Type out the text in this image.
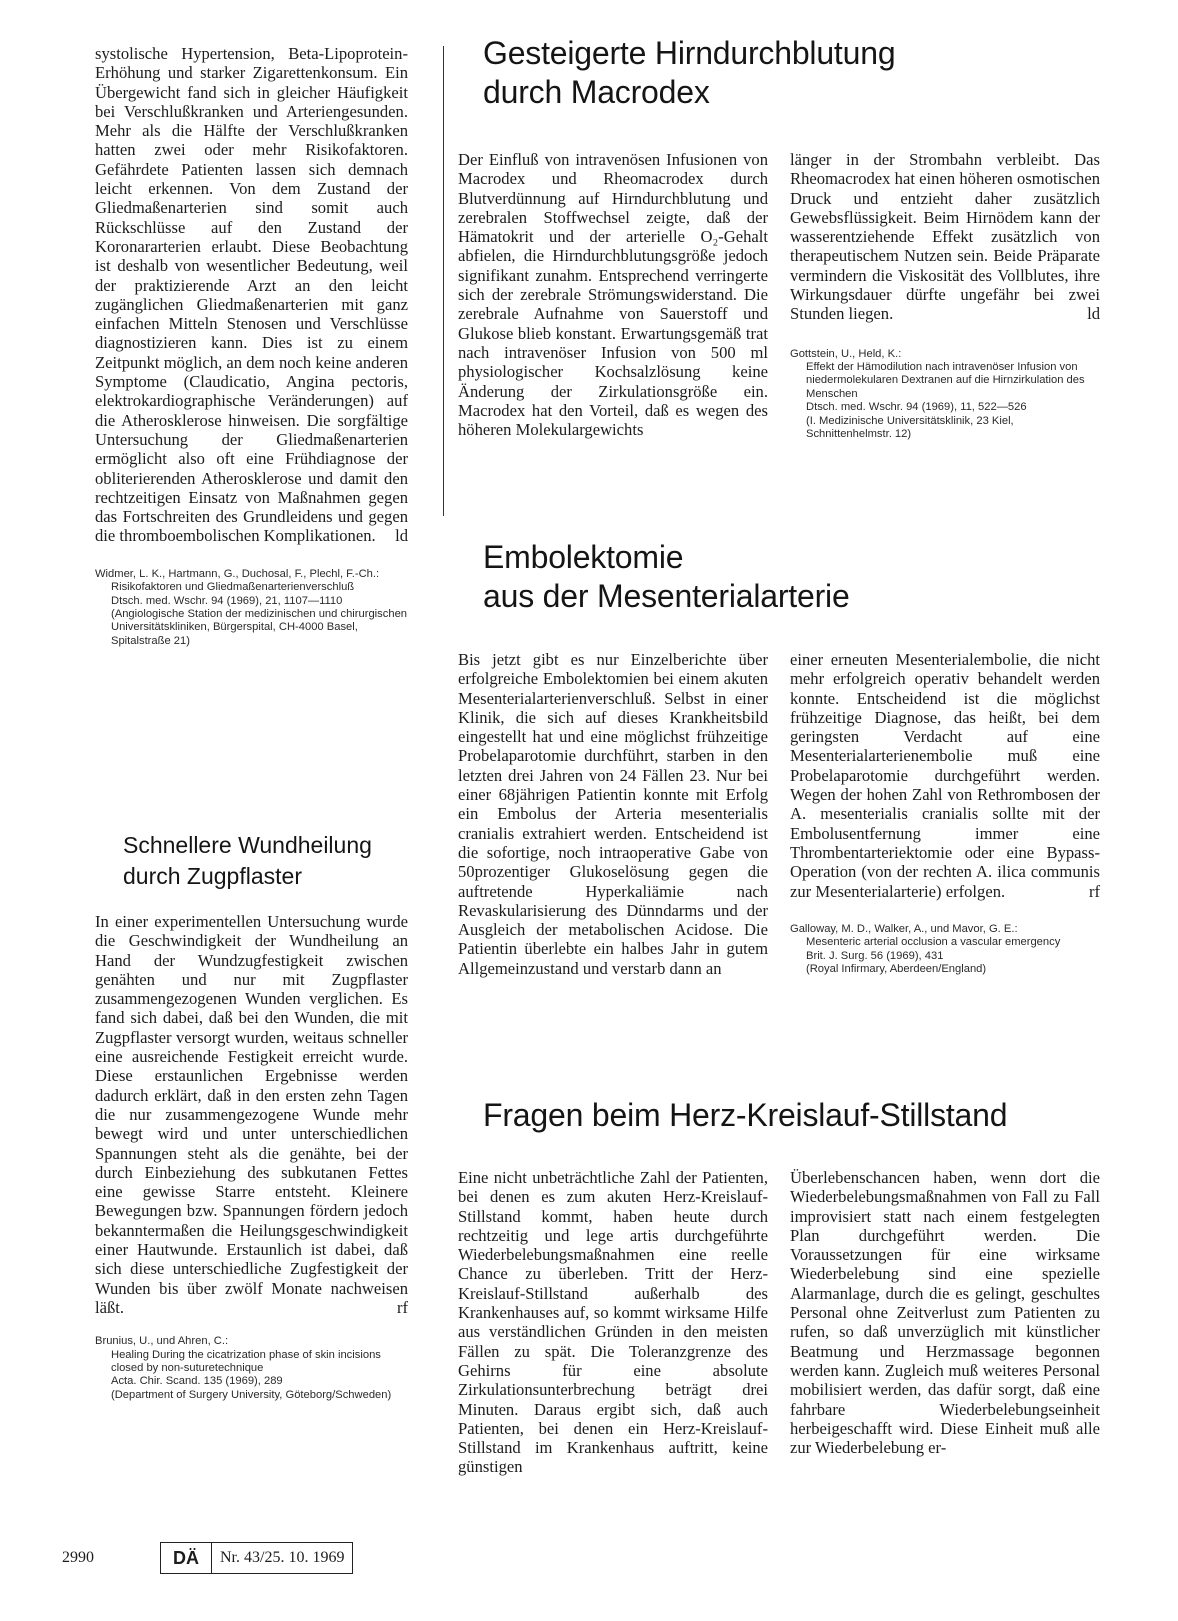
systolische Hypertension, Beta-Lipoprotein-Erhöhung und starker Zigarettenkonsum. Ein Übergewicht fand sich in gleicher Häufigkeit bei Verschlußkranken und Arteriengesunden. Mehr als die Hälfte der Verschlußkranken hatten zwei oder mehr Risikofaktoren. Gefährdete Patienten lassen sich demnach leicht erkennen. Von dem Zustand der Gliedmaßenarterien sind somit auch Rückschlüsse auf den Zustand der Koronararterien erlaubt. Diese Beobachtung ist deshalb von wesentlicher Bedeutung, weil der praktizierende Arzt an den leicht zugänglichen Gliedmaßenarterien mit ganz einfachen Mitteln Stenosen und Verschlüsse diagnostizieren kann. Dies ist zu einem Zeitpunkt möglich, an dem noch keine anderen Symptome (Claudicatio, Angina pectoris, elektrokardiographische Veränderungen) auf die Atherosklerose hinweisen. Die sorgfältige Untersuchung der Gliedmaßenarterien ermöglicht also oft eine Frühdiagnose der obliterierenden Atherosklerose und damit den rechtzeitigen Einsatz von Maßnahmen gegen das Fortschreiten des Grundleidens und gegen die thromboembolischen Komplikationen. ld

Widmer, L. K., Hartmann, G., Duchosal, F., Plechl, F.-Ch.:

Risikofaktoren und Gliedmaßenarterienverschluß

Dtsch. med. Wschr. 94 (1969), 21, 1107—1110

(Angiologische Station der medizinischen und chirurgischen Universitätskliniken, Bürgerspital, CH-4000 Basel, Spitalstraße 21)

Schnellere Wundheilung
durch Zugpflaster

In einer experimentellen Untersuchung wurde die Geschwindigkeit der Wundheilung an Hand der Wundzugfestigkeit zwischen genähten und nur mit Zugpflaster zusammengezogenen Wunden verglichen. Es fand sich dabei, daß bei den Wunden, die mit Zugpflaster versorgt wurden, weitaus schneller eine ausreichende Festigkeit erreicht wurde. Diese erstaunlichen Ergebnisse werden dadurch erklärt, daß in den ersten zehn Tagen die nur zusammengezogene Wunde mehr bewegt wird und unter unterschiedlichen Spannungen steht als die genähte, bei der durch Einbeziehung des subkutanen Fettes eine gewisse Starre entsteht. Kleinere Bewegungen bzw. Spannungen fördern jedoch bekanntermaßen die Heilungsgeschwindigkeit einer Hautwunde. Erstaunlich ist dabei, daß sich diese unterschiedliche Zugfestigkeit der Wunden bis über zwölf Monate nachweisen läßt.	rf

Brunius, U., und Ahren, C.:

Healing During the cicatrization phase of skin incisions closed by non-suturetechnique

Acta. Chir. Scand. 135 (1969), 289

(Department of Surgery University, Göteborg/Schweden)

Gesteigerte Hirndurchblutung
durch Macrodex

Der Einfluß von intravenösen Infusionen von Macrodex und Rheomacrodex durch Blutverdünnung auf Hirndurchblutung und zerebralen Stoffwechsel zeigte, daß der Hämatokrit und der arterielle O₂-Gehalt abfielen, die Hirndurchblutungsgröße jedoch signifikant zunahm. Entsprechend verringerte sich der zerebrale Strömungswiderstand. Die zerebrale Aufnahme von Sauerstoff und Glukose blieb konstant. Erwartungsgemäß trat nach intravenöser Infusion von 500 ml physiologischer Kochsalzlösung keine Änderung der Zirkulationsgröße ein. Macrodex hat den Vorteil, daß es wegen des höheren Molekulargewichts

länger in der Strombahn verbleibt. Das Rheomacrodex hat einen höheren osmotischen Druck und entzieht daher zusätzlich Gewebsflüssigkeit. Beim Hirnödem kann der wasserentziehende Effekt zusätzlich von therapeutischem Nutzen sein. Beide Präparate vermindern die Viskosität des Vollblutes, ihre Wirkungsdauer dürfte ungefähr bei zwei Stunden liegen.	ld

Gottstein, U., Held, K.:

Effekt der Hämodilution nach intravenöser Infusion von niedermolekularen Dextranen auf die Hirnzirkulation des Menschen

Dtsch. med. Wschr. 94 (1969), 11, 522—526

(I. Medizinische Universitätsklinik, 23 Kiel, Schnittenhelmstr. 12)

Embolektomie
aus der Mesenterialarterie

Bis jetzt gibt es nur Einzelberichte über erfolgreiche Embolektomien bei einem akuten Mesenterialarterienverschluß. Selbst in einer Klinik, die sich auf dieses Krankheitsbild eingestellt hat und eine möglichst frühzeitige Probelaparotomie durchführt, starben in den letzten drei Jahren von 24 Fällen 23. Nur bei einer 68jährigen Patientin konnte mit Erfolg ein Embolus der Arteria mesenterialis cranialis extrahiert werden. Entscheidend ist die sofortige, noch intraoperative Gabe von 50prozentiger Glukoselösung gegen die auftretende Hyperkaliämie nach Revaskularisierung des Dünndarms und der Ausgleich der metabolischen Acidose. Die Patientin überlebte ein halbes Jahr in gutem Allgemeinzustand und verstarb dann an

einer erneuten Mesenterialembolie, die nicht mehr erfolgreich operativ behandelt werden konnte. Entscheidend ist die möglichst frühzeitige Diagnose, das heißt, bei dem geringsten Verdacht auf eine Mesenterialarterienembolie muß eine Probelaparotomie durchgeführt werden. Wegen der hohen Zahl von Rethrombosen der A. mesenterialis cranialis sollte mit der Embolusentfernung immer eine Thrombentarteriektomie oder eine Bypass-Operation (von der rechten A. ilica communis zur Mesenterialarterie) erfolgen.	rf

Galloway, M. D., Walker, A., und Mavor, G. E.:

Mesenteric arterial occlusion a vascular emergency

Brit. J. Surg. 56 (1969), 431

(Royal Infirmary, Aberdeen/England)

Fragen beim Herz-Kreislauf-Stillstand

Eine nicht unbeträchtliche Zahl der Patienten, bei denen es zum akuten Herz-Kreislauf-Stillstand kommt, haben heute durch rechtzeitig und lege artis durchgeführte Wiederbelebungsmaßnahmen eine reelle Chance zu überleben. Tritt der Herz-Kreislauf-Stillstand außerhalb des Krankenhauses auf, so kommt wirksame Hilfe aus verständlichen Gründen in den meisten Fällen zu spät. Die Toleranzgrenze des Gehirns für eine absolute Zirkulationsunterbrechung beträgt drei Minuten. Daraus ergibt sich, daß auch Patienten, bei denen ein Herz-Kreislauf-Stillstand im Krankenhaus auftritt, keine günstigen

Überlebenschancen haben, wenn dort die Wiederbelebungsmaßnahmen von Fall zu Fall improvisiert statt nach einem festgelegten Plan durchgeführt werden. Die Voraussetzungen für eine wirksame Wiederbelebung sind eine spezielle Alarmanlage, durch die es gelingt, geschultes Personal ohne Zeitverlust zum Patienten zu rufen, so daß unverzüglich mit künstlicher Beatmung und Herzmassage begonnen werden kann. Zugleich muß weiteres Personal mobilisiert werden, das dafür sorgt, daß eine fahrbare Wiederbelebungseinheit herbeigeschafft wird. Diese Einheit muß alle zur Wiederbelebung er-

2990	DÄ	Nr. 43/25. 10. 1969
